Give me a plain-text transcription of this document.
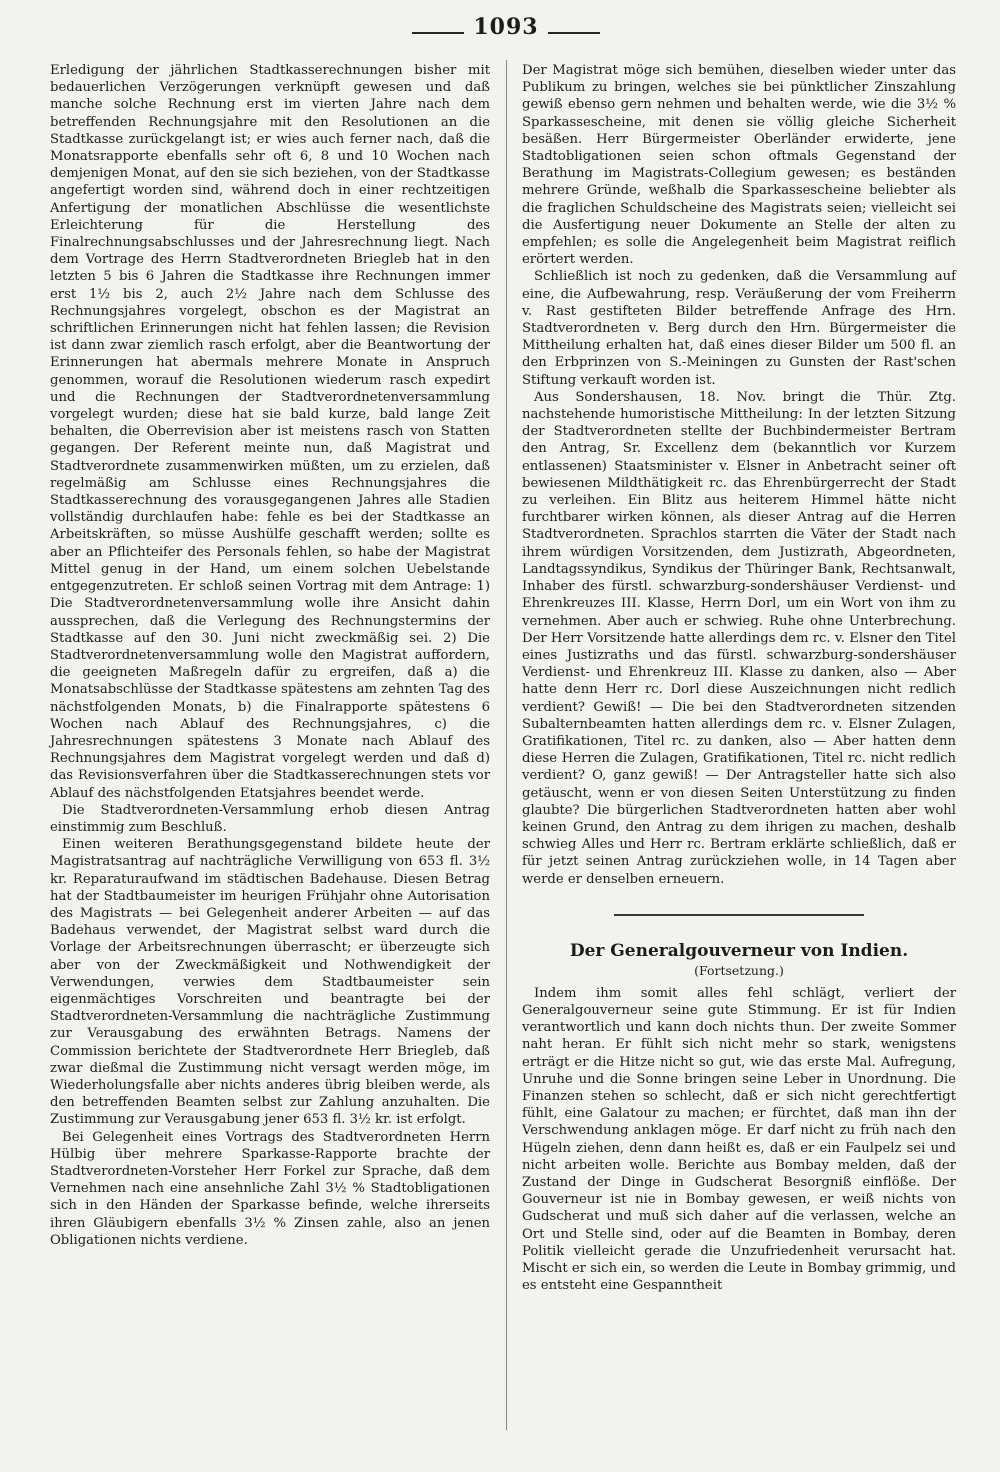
1093

Erledigung der jährlichen Stadtkasserechnungen bisher mit bedauerlichen Verzögerungen verknüpft gewesen und daß manche solche Rechnung erst im vierten Jahre nach dem betreffenden Rechnungsjahre mit den Resolutionen an die Stadtkasse zurückgelangt ist; er wies auch ferner nach, daß die Monatsrapporte ebenfalls sehr oft 6, 8 und 10 Wochen nach demjenigen Monat, auf den sie sich beziehen, von der Stadtkasse angefertigt worden sind, während doch in einer rechtzeitigen Anfertigung der monatlichen Abschlüsse die wesentlichste Erleichterung für die Herstellung des Finalrechnungsabschlusses und der Jahresrechnung liegt. Nach dem Vortrage des Herrn Stadtverordneten Briegleb hat in den letzten 5 bis 6 Jahren die Stadtkasse ihre Rechnungen immer erst 1½ bis 2, auch 2½ Jahre nach dem Schlusse des Rechnungsjahres vorgelegt, obschon es der Magistrat an schriftlichen Erinnerungen nicht hat fehlen lassen; die Revision ist dann zwar ziemlich rasch erfolgt, aber die Beantwortung der Erinnerungen hat abermals mehrere Monate in Anspruch genommen, worauf die Resolutionen wiederum rasch expedirt und die Rechnungen der Stadtverordnetenversammlung vorgelegt wurden; diese hat sie bald kurze, bald lange Zeit behalten, die Oberrevision aber ist meistens rasch von Statten gegangen. Der Referent meinte nun, daß Magistrat und Stadtverordnete zusammenwirken müßten, um zu erzielen, daß regelmäßig am Schlusse eines Rechnungsjahres die Stadtkasserechnung des vorausgegangenen Jahres alle Stadien vollständig durchlaufen habe: fehle es bei der Stadtkasse an Arbeitskräften, so müsse Aushülfe geschafft werden; sollte es aber an Pflichteifer des Personals fehlen, so habe der Magistrat Mittel genug in der Hand, um einem solchen Uebelstande entgegenzutreten. Er schloß seinen Vortrag mit dem Antrage: 1) Die Stadtverordnetenversammlung wolle ihre Ansicht dahin aussprechen, daß die Verlegung des Rechnungstermins der Stadtkasse auf den 30. Juni nicht zweckmäßig sei. 2) Die Stadtverordnetenversammlung wolle den Magistrat auffordern, die geeigneten Maßregeln dafür zu ergreifen, daß a) die Monatsabschlüsse der Stadtkasse spätestens am zehnten Tag des nächstfolgenden Monats, b) die Finalrapporte spätestens 6 Wochen nach Ablauf des Rechnungsjahres, c) die Jahresrechnungen spätestens 3 Monate nach Ablauf des Rechnungsjahres dem Magistrat vorgelegt werden und daß d) das Revisionsverfahren über die Stadtkasserechnungen stets vor Ablauf des nächstfolgenden Etatsjahres beendet werde.

Die Stadtverordneten-Versammlung erhob diesen Antrag einstimmig zum Beschluß.

Einen weiteren Berathungsgegenstand bildete heute der Magistratsantrag auf nachträgliche Verwilligung von 653 fl. 3½ kr. Reparaturaufwand im städtischen Badehause. Diesen Betrag hat der Stadtbaumeister im heurigen Frühjahr ohne Autorisation des Magistrats — bei Gelegenheit anderer Arbeiten — auf das Badehaus verwendet, der Magistrat selbst ward durch die Vorlage der Arbeitsrechnungen überrascht; er überzeugte sich aber von der Zweckmäßigkeit und Nothwendigkeit der Verwendungen, verwies dem Stadtbaumeister sein eigenmächtiges Vorschreiten und beantragte bei der Stadtverordneten-Versammlung die nachträgliche Zustimmung zur Verausgabung des erwähnten Betrags. Namens der Commission berichtete der Stadtverordnete Herr Briegleb, daß zwar dießmal die Zustimmung nicht versagt werden möge, im Wiederholungsfalle aber nichts anderes übrig bleiben werde, als den betreffenden Beamten selbst zur Zahlung anzuhalten. Die Zustimmung zur Verausgabung jener 653 fl. 3½ kr. ist erfolgt.

Bei Gelegenheit eines Vortrags des Stadtverordneten Herrn Hülbig über mehrere Sparkasse-Rapporte brachte der Stadtverordneten-Vorsteher Herr Forkel zur Sprache, daß dem Vernehmen nach eine ansehnliche Zahl 3½ % Stadtobligationen sich in den Händen der Sparkasse befinde, welche ihrerseits ihren Gläubigern ebenfalls 3½ % Zinsen zahle, also an jenen Obligationen nichts verdiene.

Der Magistrat möge sich bemühen, dieselben wieder unter das Publikum zu bringen, welches sie bei pünktlicher Zinszahlung gewiß ebenso gern nehmen und behalten werde, wie die 3½ % Sparkassescheine, mit denen sie völlig gleiche Sicherheit besäßen. Herr Bürgermeister Oberländer erwiderte, jene Stadtobligationen seien schon oftmals Gegenstand der Berathung im Magistrats-Collegium gewesen; es beständen mehrere Gründe, weßhalb die Sparkassescheine beliebter als die fraglichen Schuldscheine des Magistrats seien; vielleicht sei die Ausfertigung neuer Dokumente an Stelle der alten zu empfehlen; es solle die Angelegenheit beim Magistrat reiflich erörtert werden.

Schließlich ist noch zu gedenken, daß die Versammlung auf eine, die Aufbewahrung, resp. Veräußerung der vom Freiherrn v. Rast gestifteten Bilder betreffende Anfrage des Hrn. Stadtverordneten v. Berg durch den Hrn. Bürgermeister die Mittheilung erhalten hat, daß eines dieser Bilder um 500 fl. an den Erbprinzen von S.-Meiningen zu Gunsten der Rast'schen Stiftung verkauft worden ist.

Aus Sondershausen, 18. Nov. bringt die Thür. Ztg. nachstehende humoristische Mittheilung: In der letzten Sitzung der Stadtverordneten stellte der Buchbindermeister Bertram den Antrag, Sr. Excellenz dem (bekanntlich vor Kurzem entlassenen) Staatsminister v. Elsner in Anbetracht seiner oft bewiesenen Mildthätigkeit rc. das Ehrenbürgerrecht der Stadt zu verleihen. Ein Blitz aus heiterem Himmel hätte nicht furchtbarer wirken können, als dieser Antrag auf die Herren Stadtverordneten. Sprachlos starrten die Väter der Stadt nach ihrem würdigen Vorsitzenden, dem Justizrath, Abgeordneten, Landtagssyndikus, Syndikus der Thüringer Bank, Rechtsanwalt, Inhaber des fürstl. schwarzburg-sondershäuser Verdienst- und Ehrenkreuzes III. Klasse, Herrn Dorl, um ein Wort von ihm zu vernehmen. Aber auch er schwieg. Ruhe ohne Unterbrechung. Der Herr Vorsitzende hatte allerdings dem rc. v. Elsner den Titel eines Justizraths und das fürstl. schwarzburg-sondershäuser Verdienst- und Ehrenkreuz III. Klasse zu danken, also — Aber hatte denn Herr rc. Dorl diese Auszeichnungen nicht redlich verdient? Gewiß! — Die bei den Stadtverordneten sitzenden Subalternbeamten hatten allerdings dem rc. v. Elsner Zulagen, Gratifikationen, Titel rc. zu danken, also — Aber hatten denn diese Herren die Zulagen, Gratifikationen, Titel rc. nicht redlich verdient? O, ganz gewiß! — Der Antragsteller hatte sich also getäuscht, wenn er von diesen Seiten Unterstützung zu finden glaubte? Die bürgerlichen Stadtverordneten hatten aber wohl keinen Grund, den Antrag zu dem ihrigen zu machen, deshalb schwieg Alles und Herr rc. Bertram erklärte schließlich, daß er für jetzt seinen Antrag zurückziehen wolle, in 14 Tagen aber werde er denselben erneuern.

Der Generalgouverneur von Indien.
(Fortsetzung.)

Indem ihm somit alles fehl schlägt, verliert der Generalgouverneur seine gute Stimmung. Er ist für Indien verantwortlich und kann doch nichts thun. Der zweite Sommer naht heran. Er fühlt sich nicht mehr so stark, wenigstens erträgt er die Hitze nicht so gut, wie das erste Mal. Aufregung, Unruhe und die Sonne bringen seine Leber in Unordnung. Die Finanzen stehen so schlecht, daß er sich nicht gerechtfertigt fühlt, eine Galatour zu machen; er fürchtet, daß man ihn der Verschwendung anklagen möge. Er darf nicht zu früh nach den Hügeln ziehen, denn dann heißt es, daß er ein Faulpelz sei und nicht arbeiten wolle. Berichte aus Bombay melden, daß der Zustand der Dinge in Gudscherat Besorgniß einflöße. Der Gouverneur ist nie in Bombay gewesen, er weiß nichts von Gudscherat und muß sich daher auf die verlassen, welche an Ort und Stelle sind, oder auf die Beamten in Bombay, deren Politik vielleicht gerade die Unzufriedenheit verursacht hat. Mischt er sich ein, so werden die Leute in Bombay grimmig, und es entsteht eine Gespanntheit
